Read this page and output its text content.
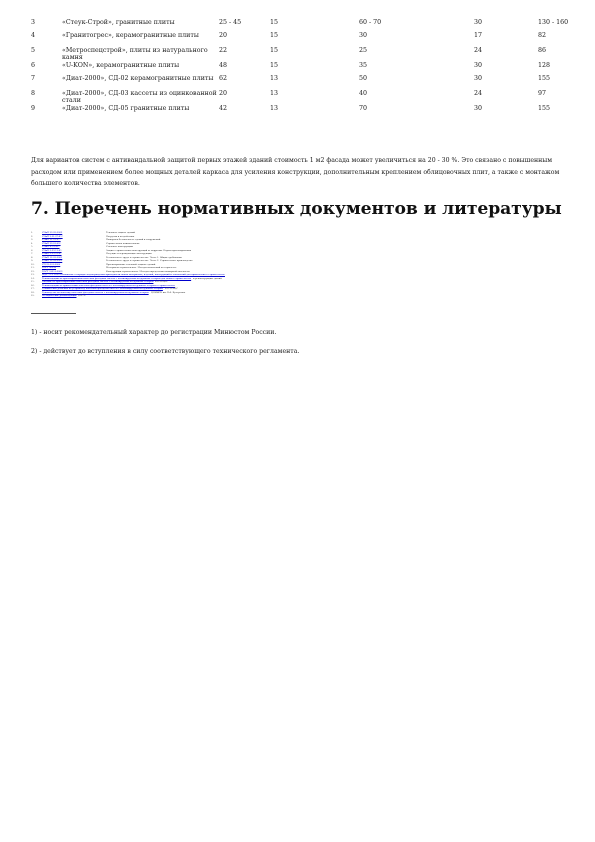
3	«Стеук-Строй», гранитные плиты	25 - 45	15	60 - 70	30	130 - 160
4	«Гранитогрес», керамогранитные плиты	20	15	30	17	82
5	«Метроспецстрой», плиты из натурального камня	22	15	25	24	86
6	«U-KON», керамогранитные плиты	48	15	35	30	128
7	«Диат-2000», СД-02 керамогранитные плиты	62	13	50	30	155
8	«Диат-2000», СД-03 кассеты из оцинкованной стали	20	13	40	24	97
9	«Диат-2000», СД-05 гранитные плиты	42	13	70	30	155
Для вариантов систем с антивандальной защитой первых этажей зданий стоимость 1 м2 фасада может увеличиться на 20 - 30 %. Это связано с повышенным расходом или применением более мощных деталей каркаса для усиления конструкции, дополнительным креплением облицовочных плит, а также с монтажом большего количества элементов.
7. Перечень нормативных документов и литературы
1.	СНиП 23-02-2003	Тепловая защита зданий
2.	СНиП 2.01.07-85*	Нагрузки и воздействия
3.	СНиП 21-01-97*	Пожарная безопасность зданий и сооружений
4.	СНиП 23-01-99*	Строительная климатология
5.	СНиП II-23-81*	Стальные конструкции
6.	СНиП 2.03.11-85	Защита строительных конструкций от коррозии. Нормы проектирования
7.	СНиП 3.03.01-87	Несущие и ограждающие конструкции
8.	СНиП 12-03-2001	Безопасность труда в строительстве. Часть 1. Общие требования
9.	СНиП 12-04-2002	Безопасность труда в строительстве. Часть 2. Строительное производство
10.	СП 23-101-2004	Проектирование тепловой защиты зданий
11.	ГОСТ 30244	Материалы строительные. Методы испытаний на горючесть
12.	ГОСТ 31251-2003	Конструкции строительные. Методы определения пожарной опасности
13.	МДС 55-1.2000 Положение о порядке подтверждения пригодности новых материалов, изделий, конструкций и технологий для применения в строительстве
14.	Рекомендации по проектированию навесных фасадных систем с вентилируемым воздушным зазором для нового строительства и реконструкции зданий
15.	Пособие по проектированию навесных фасадных систем с вентилируемым воздушным зазором ФГУП ЦНС
16.	Рекомендации по применению навесных фасадных систем с вентилируемым воздушным зазором в строительстве
17.	Технические решения по устройству навесных фасадных систем с вентилируемым воздушным зазором ФГУП ФЦС
18.	Руководство по монтажу навесных фасадных систем с вентилируемым воздушным зазором ЦНИИСК им. В.А. Кучеренко
19.	Методические рекомендации 2005 г.
1) - носит рекомендательный характер до регистрации Минюстом России.
2) - действует до вступления в силу соответствующего технического регламента.
